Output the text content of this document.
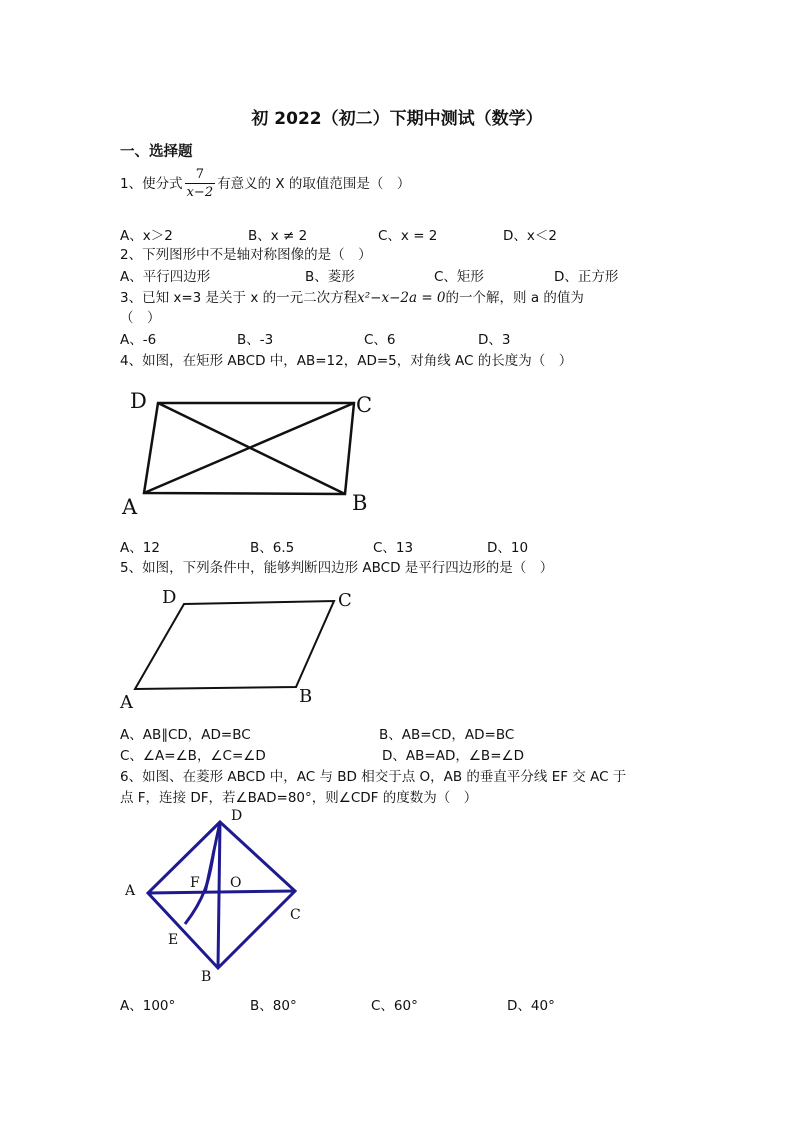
初 2022（初二）下期中测试（数学）
一、选择题
1、使分式 $\frac{7}{x-2}$ 有意义的 X 的取值范围是（　）
A、x＞2	B、x ≠ 2	C、x = 2	D、x＜2
2、下列图形中不是轴对称图像的是（　）
A、平行四边形	B、菱形	C、矩形	D、正方形
3、已知 x=3 是关于 x 的一元二次方程x²−x−2a = 0的一个解，则 a 的值为
（　）
A、-6	B、-3	C、6	D、3
4、如图，在矩形 ABCD 中，AB=12，AD=5，对角线 AC 的长度为（　）
D	C
A	B
A、12	B、6.5	C、13	D、10
5、如图，下列条件中，能够判断四边形 ABCD 是平行四边形的是（　）
D	C
A	B
A、AB∥CD，AD=BC	B、AB=CD，AD=BC
C、∠A=∠B，∠C=∠D	D、AB=AD，∠B=∠D
6、如图、在菱形 ABCD 中，AC 与 BD 相交于点 O，AB 的垂直平分线 EF 交 AC 于
点 F，连接 DF，若∠BAD=80°，则∠CDF 的度数为（　）
D
A	F O
C
E
B
A、100°	B、80°	C、60°	D、40°
